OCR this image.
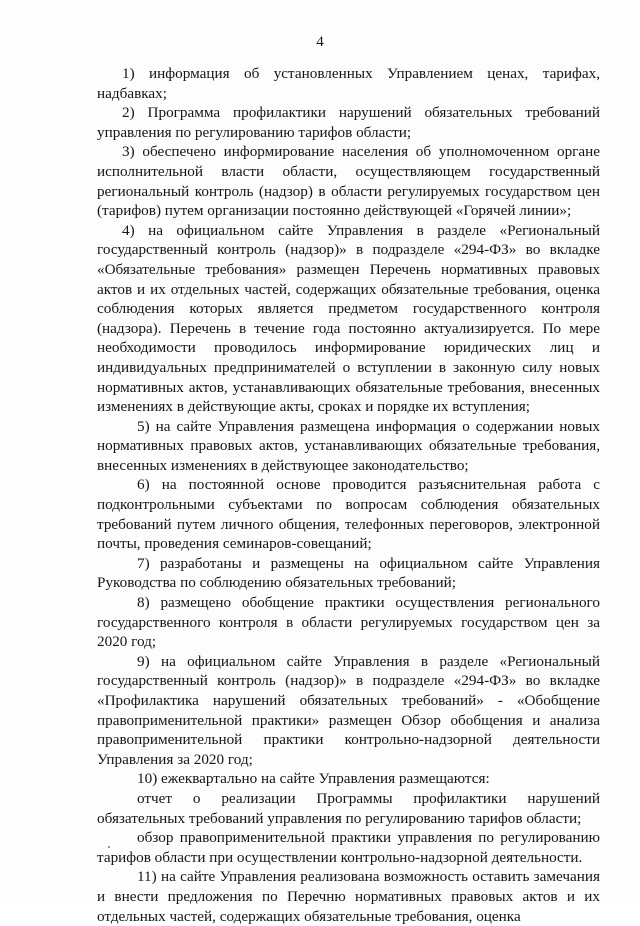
4

1) информация об установленных Управлением ценах, тарифах, надбавках;

2) Программа профилактики нарушений обязательных требований управления по регулированию тарифов области;

3) обеспечено информирование населения об уполномоченном органе исполнительной власти области, осуществляющем государственный региональный контроль (надзор) в области регулируемых государством цен (тарифов) путем организации постоянно действующей «Горячей линии»;

4) на официальном сайте Управления в разделе «Региональный государственный контроль (надзор)» в подразделе «294-ФЗ» во вкладке «Обязательные требования» размещен Перечень нормативных правовых актов и их отдельных частей, содержащих обязательные требования, оценка соблюдения которых является предметом государственного контроля (надзора). Перечень в течение года постоянно актуализируется. По мере необходимости проводилось информирование юридических лиц и индивидуальных предпринимателей о вступлении в законную силу новых нормативных актов, устанавливающих обязательные требования, внесенных изменениях в действующие акты, сроках и порядке их вступления;

5) на сайте Управления размещена информация о содержании новых нормативных правовых актов, устанавливающих обязательные требования, внесенных изменениях в действующее законодательство;

6) на постоянной основе проводится разъяснительная работа с подконтрольными субъектами по вопросам соблюдения обязательных требований путем личного общения, телефонных переговоров, электронной почты, проведения семинаров-совещаний;

7) разработаны и размещены на официальном сайте Управления Руководства по соблюдению обязательных требований;

8) размещено обобщение практики осуществления регионального государственного контроля в области регулируемых государством цен за 2020 год;

9) на официальном сайте Управления в разделе «Региональный государственный контроль (надзор)» в подразделе «294-ФЗ» во вкладке «Профилактика нарушений обязательных требований» - «Обобщение правоприменительной практики» размещен Обзор обобщения и анализа правоприменительной практики контрольно-надзорной деятельности Управления за 2020 год;

10) ежеквартально на сайте Управления размещаются:

отчет о реализации Программы профилактики нарушений обязательных требований управления по регулированию тарифов области;

обзор правоприменительной практики управления по регулированию тарифов области при осуществлении контрольно-надзорной деятельности.

11) на сайте Управления реализована возможность оставить замечания и внести предложения по Перечню нормативных правовых актов и их отдельных частей, содержащих обязательные требования, оценка
